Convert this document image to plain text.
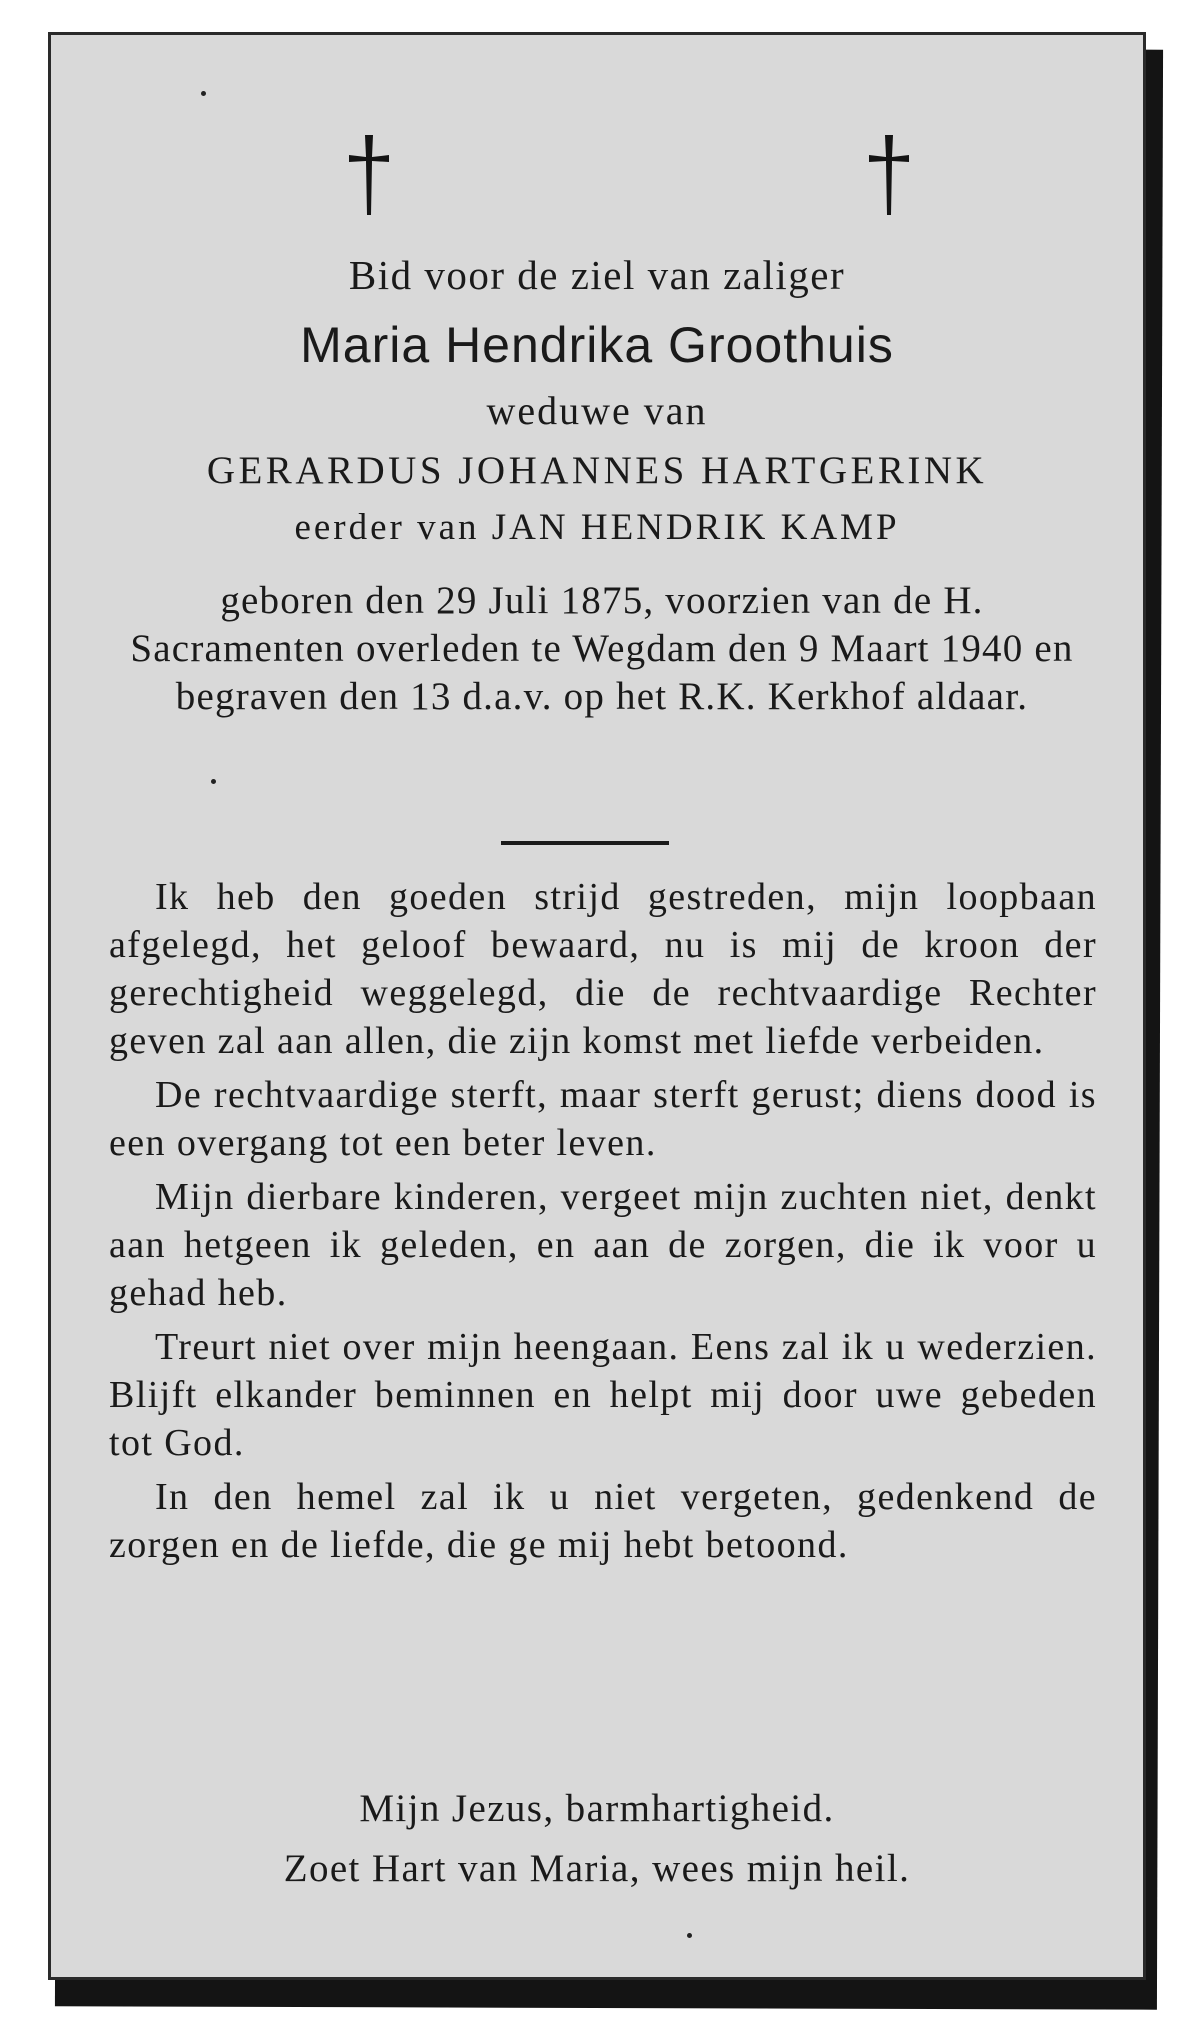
Bid voor de ziel van zaliger
Maria Hendrika Groothuis
weduwe van
GERARDUS JOHANNES HARTGERINK
eerder van JAN HENDRIK KAMP
geboren den 29 Juli 1875, voorzien van de H. Sacramenten overleden te Wegdam den 9 Maart 1940 en begraven den 13 d.a.v. op het R.K. Kerkhof aldaar.

Ik heb den goeden strijd gestreden, mijn loopbaan afgelegd, het geloof bewaard, nu is mij de kroon der gerechtigheid weggelegd, die de rechtvaardige Rechter geven zal aan allen, die zijn komst met liefde verbeiden.

De rechtvaardige sterft, maar sterft gerust; diens dood is een overgang tot een beter leven.

Mijn dierbare kinderen, vergeet mijn zuchten niet, denkt aan hetgeen ik geleden, en aan de zorgen, die ik voor u gehad heb.

Treurt niet over mijn heengaan. Eens zal ik u wederzien. Blijft elkander beminnen en helpt mij door uwe gebeden tot God.

In den hemel zal ik u niet vergeten, gedenkend de zorgen en de liefde, die ge mij hebt betoond.

Mijn Jezus, barmhartigheid.
Zoet Hart van Maria, wees mijn heil.
